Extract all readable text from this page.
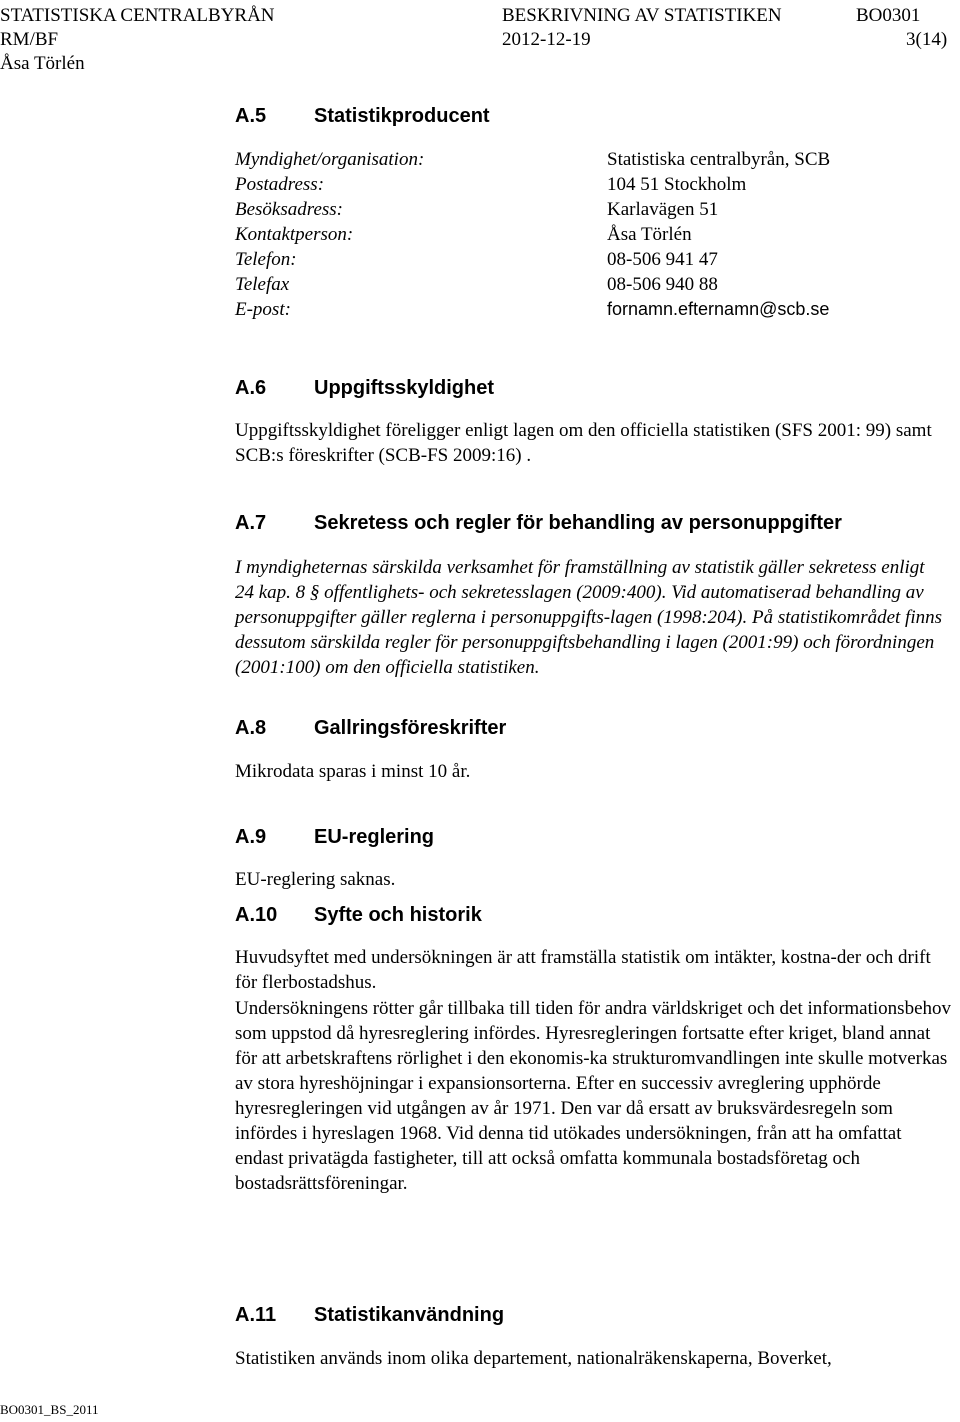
STATISTISKA CENTRALBYRÅN
RM/BF
Åsa Törlén
BESKRIVNING AV STATISTIKEN
2012-12-19
BO0301
3(14)
A.5 Statistikproducent
Myndighet/organisation:	Statistiska centralbyrån, SCB
Postadress:	104 51 Stockholm
Besöksadress:	Karlavägen 51
Kontaktperson:	Åsa Törlén
Telefon:	08-506 941 47
Telefax	08-506 940 88
E-post:	fornamn.efternamn@scb.se
A.6 Uppgiftsskyldighet
Uppgiftsskyldighet föreligger enligt lagen om den officiella statistiken (SFS 2001: 99) samt SCB:s föreskrifter (SCB-FS 2009:16) .
A.7 Sekretess och regler för behandling av personuppgifter
I myndigheternas särskilda verksamhet för framställning av statistik gäller sekretess enligt 24 kap. 8 § offentlighets- och sekretesslagen (2009:400). Vid automatiserad behandling av personuppgifter gäller reglerna i personuppgifts-lagen (1998:204). På statistikområdet finns dessutom särskilda regler för personuppgiftsbehandling i lagen (2001:99) och förordningen (2001:100) om den officiella statistiken.
A.8 Gallringsföreskrifter
Mikrodata sparas i minst 10 år.
A.9 EU-reglering
EU-reglering saknas.
A.10 Syfte och historik
Huvudsyftet med undersökningen är att framställa statistik om intäkter, kostna-der och drift för flerbostadshus.
Undersökningens rötter går tillbaka till tiden för andra världskriget och det informationsbehov som uppstod då hyresreglering infördes. Hyresregleringen fortsatte efter kriget, bland annat för att arbetskraftens rörlighet i den ekonomis-ka strukturomvandlingen inte skulle motverkas av stora hyreshöjningar i expansionsorterna. Efter en successiv avreglering upphörde hyresregleringen vid utgången av år 1971. Den var då ersatt av bruksvärdesregeln som infördes i hyreslagen 1968. Vid denna tid utökades undersökningen, från att ha omfattat endast privatägda fastigheter, till att också omfatta kommunala bostadsföretag och bostadsrättsföreningar.
A.11 Statistikanvändning
Statistiken används inom olika departement, nationalräkenskaperna, Boverket,
BO0301_BS_2011
